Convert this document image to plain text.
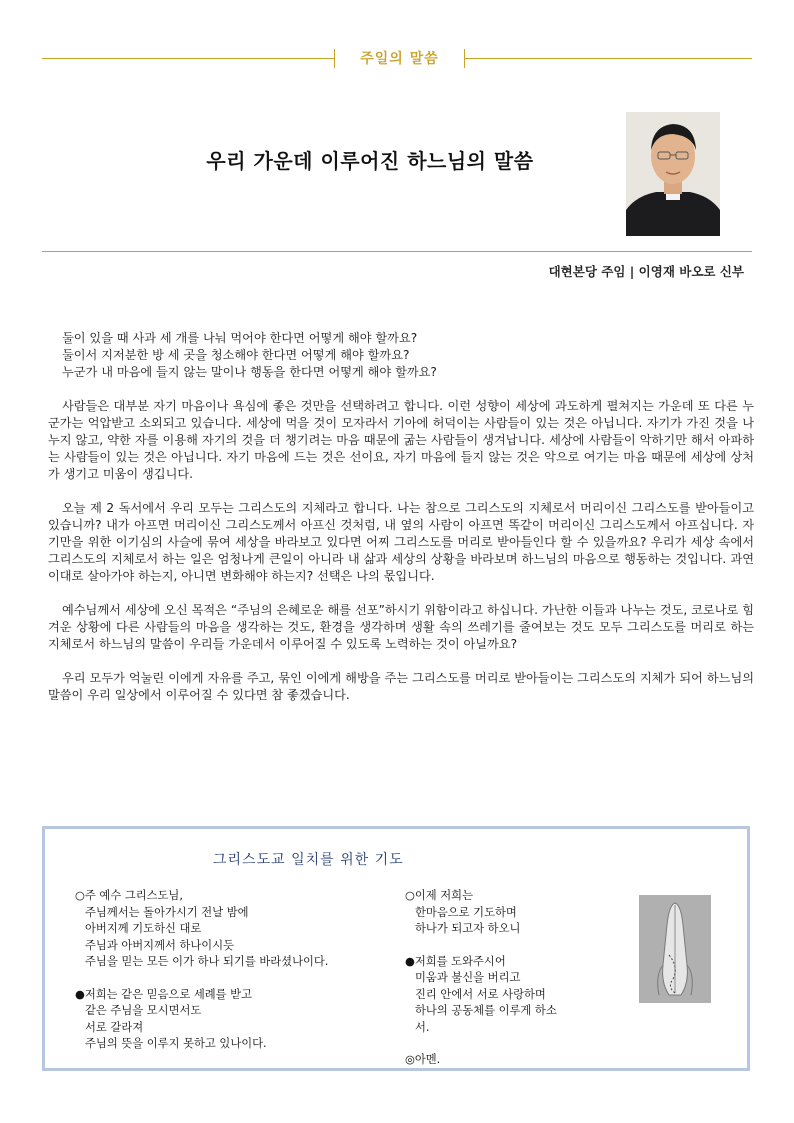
주일의 말씀
우리 가운데 이루어진 하느님의 말씀
대현본당 주임 | 이영재 바오로 신부

둘이 있을 때 사과 세 개를 나눠 먹어야 한다면 어떻게 해야 할까요?

둘이서 지저분한 방 세 곳을 청소해야 한다면 어떻게 해야 할까요?

누군가 내 마음에 들지 않는 말이나 행동을 한다면 어떻게 해야 할까요?

사람들은 대부분 자기 마음이나 욕심에 좋은 것만을 선택하려고 합니다. 이런 성향이 세상에 과도하게 펼쳐지는 가운데 또 다른 누군가는 억압받고 소외되고 있습니다. 세상에 먹을 것이 모자라서 기아에 허덕이는 사람들이 있는 것은 아닙니다. 자기가 가진 것을 나누지 않고, 약한 자를 이용해 자기의 것을 더 챙기려는 마음 때문에 굶는 사람들이 생겨납니다. 세상에 사람들이 악하기만 해서 아파하는 사람들이 있는 것은 아닙니다. 자기 마음에 드는 것은 선이요, 자기 마음에 들지 않는 것은 악으로 여기는 마음 때문에 세상에 상처가 생기고 미움이 생깁니다.

오늘 제 2 독서에서 우리 모두는 그리스도의 지체라고 합니다. 나는 참으로 그리스도의 지체로서 머리이신 그리스도를 받아들이고 있습니까? 내가 아프면 머리이신 그리스도께서 아프신 것처럼, 내 옆의 사람이 아프면 똑같이 머리이신 그리스도께서 아프십니다. 자기만을 위한 이기심의 사슬에 묶여 세상을 바라보고 있다면 어찌 그리스도를 머리로 받아들인다 할 수 있을까요? 우리가 세상 속에서 그리스도의 지체로서 하는 일은 엄청나게 큰일이 아니라 내 삶과 세상의 상황을 바라보며 하느님의 마음으로 행동하는 것입니다. 과연 이대로 살아가야 하는지, 아니면 변화해야 하는지? 선택은 나의 몫입니다.

예수님께서 세상에 오신 목적은 “주님의 은혜로운 해를 선포”하시기 위함이라고 하십니다. 가난한 이들과 나누는 것도, 코로나로 힘겨운 상황에 다른 사람들의 마음을 생각하는 것도, 환경을 생각하며 생활 속의 쓰레기를 줄여보는 것도 모두 그리스도를 머리로 하는 지체로서 하느님의 말씀이 우리들 가운데서 이루어질 수 있도록 노력하는 것이 아닐까요?

우리 모두가 억눌린 이에게 자유를 주고, 묶인 이에게 해방을 주는 그리스도를 머리로 받아들이는 그리스도의 지체가 되어 하느님의 말씀이 우리 일상에서 이루어질 수 있다면 참 좋겠습니다.

그리스도교 일치를 위한 기도
○주 예수 그리스도님,
주님께서는 돌아가시기 전날 밤에
아버지께 기도하신 대로
주님과 아버지께서 하나이시듯
주님을 믿는 모든 이가 하나 되기를 바라셨나이다.
●저희는 같은 믿음으로 세례를 받고
같은 주님을 모시면서도
서로 갈라져
주님의 뜻을 이루지 못하고 있나이다.
○이제 저희는
한마음으로 기도하며
하나가 되고자 하오니
●저희를 도와주시어
미움과 불신을 버리고
진리 안에서 서로 사랑하며
하나의 공동체를 이루게 하소
서.
◎아멘.
